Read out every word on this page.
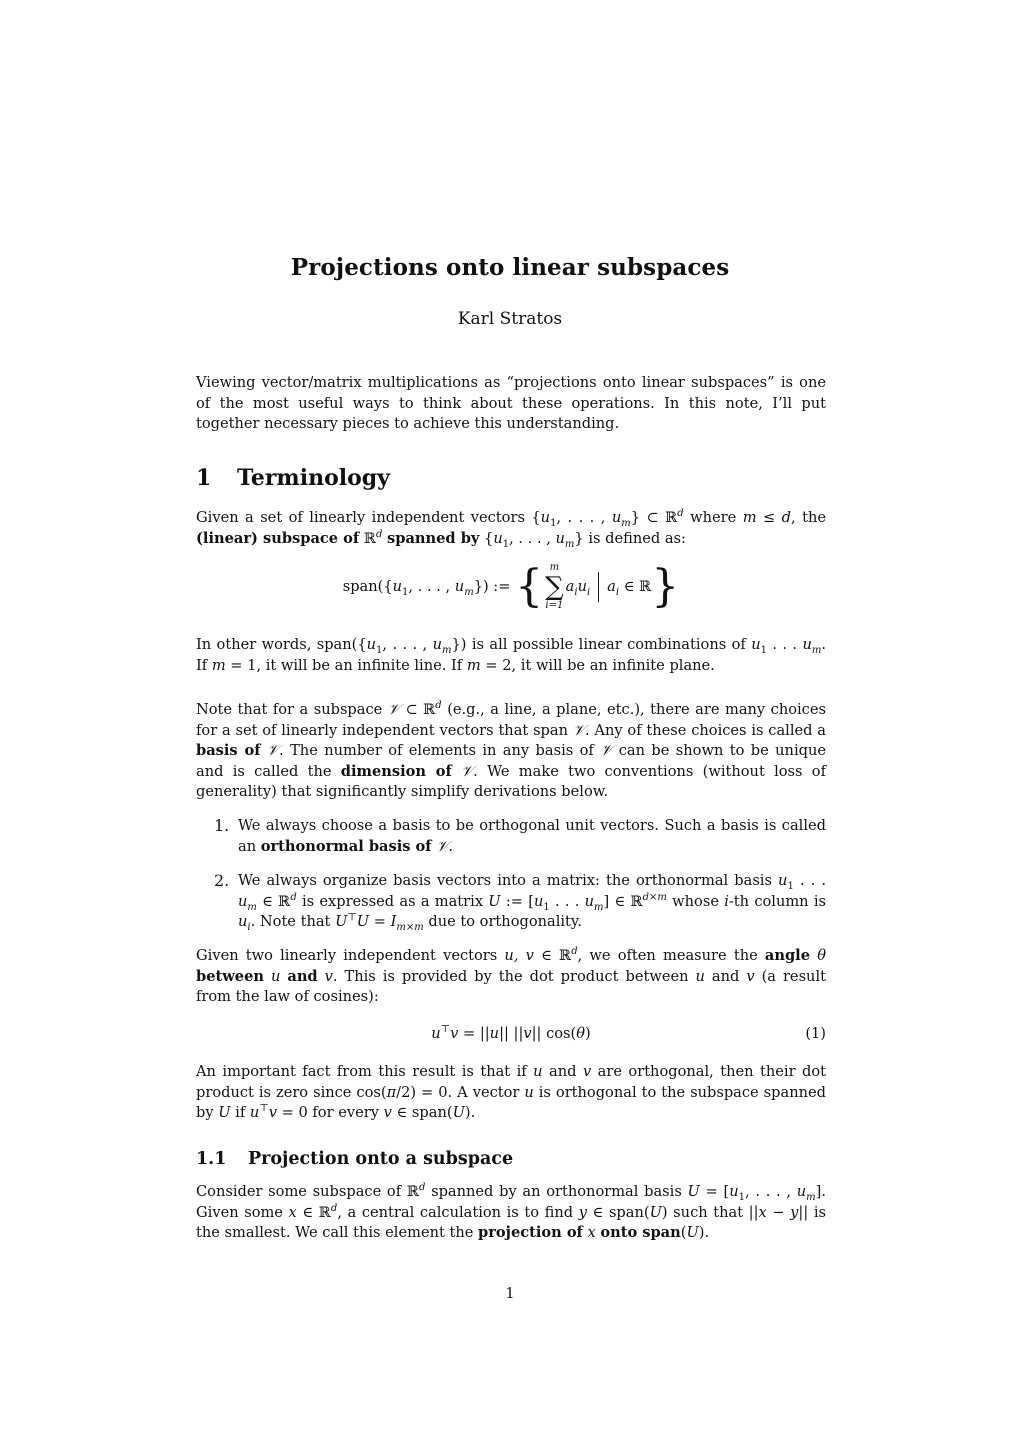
Projections onto linear subspaces
Karl Stratos

Viewing vector/matrix multiplications as “projections onto linear subspaces” is one of the most useful ways to think about these operations. In this note, I’ll put together necessary pieces to achieve this understanding.

1 Terminology

Given a set of linearly independent vectors {$u_1$, . . . , $u_m$} ⊂ ℝ$^d$ where m ≤ d, the (linear) subspace of ℝ$^d$ spanned by {$u_1$, . . . , $u_m$} is defined as:

$span(\{u_1$, . . . , $u_m$}) := { m
∑
i=1
$a_iu_i$ $a_i$ ∈ ℝ}

In other words, $span(\{u_1$, . . . , $u_m$}) is all possible linear combinations of $u_1$ . . . $u_m$. If m = 1, it will be an infinite line. If m = 2, it will be an infinite plane.

Note that for a subspace 𝒱 ⊂ ℝ$^d$ (e.g., a line, a plane, etc.), there are many choices for a set of linearly independent vectors that span 𝒱. Any of these choices is called a basis of 𝒱. The number of elements in any basis of 𝒱 can be shown to be unique and is called the dimension of 𝒱. We make two conventions (without loss of generality) that significantly simplify derivations below.

1. We always choose a basis to be orthogonal unit vectors. Such a basis is called an orthonormal basis of 𝒱.

2. We always organize basis vectors into a matrix: the orthonormal basis $u_1$ . . . $u_m$ ∈ ℝ$^d$ is expressed as a matrix U := [$u_1$ . . . $u_m$] ∈ ℝ$^{d\times m}$ whose i-th column is $u_i$. Note that $U^⊤U = I_{m\times m}$ due to orthogonality.

Given two linearly independent vectors u, v ∈ ℝ$^d$, we often measure the angle θ between u and v. This is provided by the dot product between u and v (a result from the law of cosines):

u⊤v = ||u|| ||v|| cos(θ)	(1)

An important fact from this result is that if u and v are orthogonal, then their dot product is zero since cos(π/2) = 0. A vector u is orthogonal to the subspace spanned by U if u⊤v = 0 for every v ∈ span(U).

1.1 Projection onto a subspace

Consider some subspace of ℝ$^d$ spanned by an orthonormal basis $U = [u_1$, . . . , $u_m$]. Given some x ∈ ℝ$^d$, a central calculation is to find y ∈ span(U) such that ||x − y|| is the smallest. We call this element the projection of x onto span(U).

1
